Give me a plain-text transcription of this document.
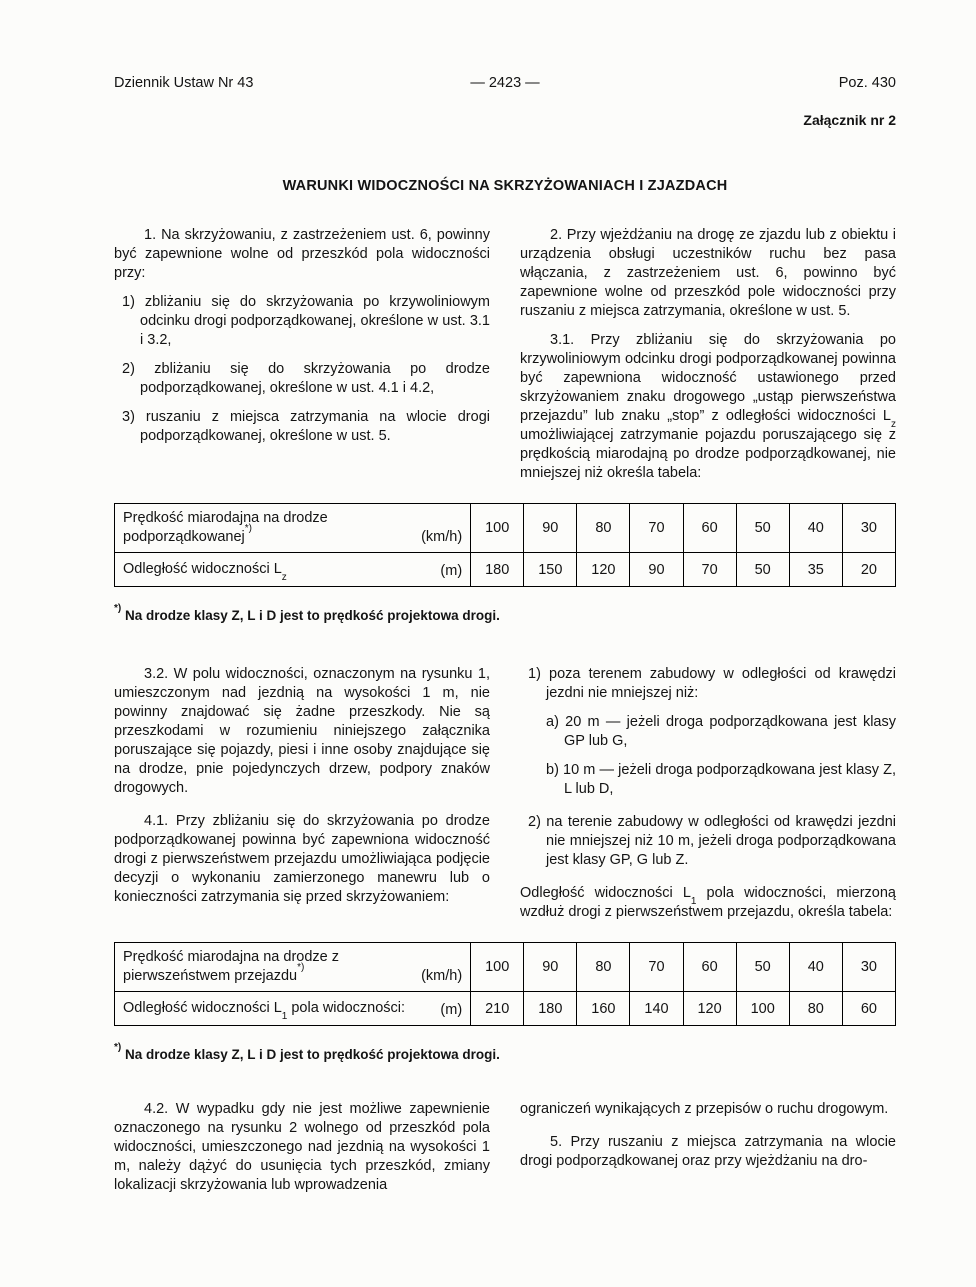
Dziennik Ustaw Nr 43	— 2423 —	Poz. 430
Załącznik nr 2
WARUNKI WIDOCZNOŚCI NA SKRZYŻOWANIACH I ZJAZDACH

1. Na skrzyżowaniu, z zastrzeżeniem ust. 6, powinny być zapewnione wolne od przeszkód pola widoczności przy:

1) zbliżaniu się do skrzyżowania po krzywoliniowym odcinku drogi podporządkowanej, określone w ust. 3.1 i 3.2,

2) zbliżaniu się do skrzyżowania po drodze podporządkowanej, określone w ust. 4.1 i 4.2,

3) ruszaniu z miejsca zatrzymania na wlocie drogi podporządkowanej, określone w ust. 5.

2. Przy wjeżdżaniu na drogę ze zjazdu lub z obiektu i urządzenia obsługi uczestników ruchu bez pasa włączania, z zastrzeżeniem ust. 6, powinno być zapewnione wolne od przeszkód pole widoczności przy ruszaniu z miejsca zatrzymania, określone w ust. 5.

3.1. Przy zbliżaniu się do skrzyżowania po krzywoliniowym odcinku drogi podporządkowanej powinna być zapewniona widoczność ustawionego przed skrzyżowaniem znaku drogowego „ustąp pierwszeństwa przejazdu” lub znaku „stop” z odległości widoczności $L_z$ umożliwiającej zatrzymanie pojazdu poruszającego się z prędkością miarodajną po drodze podporządkowanej, nie mniejszej niż określa tabela:

Prędkość miarodajna na drodze podporządkowanej*)
(km/h)	100	90	80	70	60	50	40	30
Odległość widoczności $L_z$ (m)	180	150	120	90	70	50	35	20

*) Na drodze klasy Z, L i D jest to prędkość projektowa drogi.

3.2. W polu widoczności, oznaczonym na rysunku 1, umieszczonym nad jezdnią na wysokości 1 m, nie powinny znajdować się żadne przeszkody. Nie są przeszkodami w rozumieniu niniejszego załącznika poruszające się pojazdy, piesi i inne osoby znajdujące się na drodze, pnie pojedynczych drzew, podpory znaków drogowych.

4.1. Przy zbliżaniu się do skrzyżowania po drodze podporządkowanej powinna być zapewniona widoczność drogi z pierwszeństwem przejazdu umożliwiająca podjęcie decyzji o wykonaniu zamierzonego manewru lub o konieczności zatrzymania się przed skrzyżowaniem:

1) poza terenem zabudowy w odległości od krawędzi jezdni nie mniejszej niż:

a) 20 m — jeżeli droga podporządkowana jest klasy GP lub G,

b) 10 m — jeżeli droga podporządkowana jest klasy Z, L lub D,

2) na terenie zabudowy w odległości od krawędzi jezdni nie mniejszej niż 10 m, jeżeli droga podporządkowana jest klasy GP, G lub Z.

Odległość widoczności $L_1$ pola widoczności, mierzoną wzdłuż drogi z pierwszeństwem przejazdu, określa tabela:

Prędkość miarodajna na drodze z pierwszeństwem przejazdu*)
(km/h)	100	90	80	70	60	50	40	30
Odległość widoczności $L_1$ pola widoczności: (m)	210	180	160	140	120	100	80	60

*) Na drodze klasy Z, L i D jest to prędkość projektowa drogi.

4.2. W wypadku gdy nie jest możliwe zapewnienie oznaczonego na rysunku 2 wolnego od przeszkód pola widoczności, umieszczonego nad jezdnią na wysokości 1 m, należy dążyć do usunięcia tych przeszkód, zmiany lokalizacji skrzyżowania lub wprowadzenia

ograniczeń wynikających z przepisów o ruchu drogowym.

5. Przy ruszaniu z miejsca zatrzymania na wlocie drogi podporządkowanej oraz przy wjeżdżaniu na dro-
